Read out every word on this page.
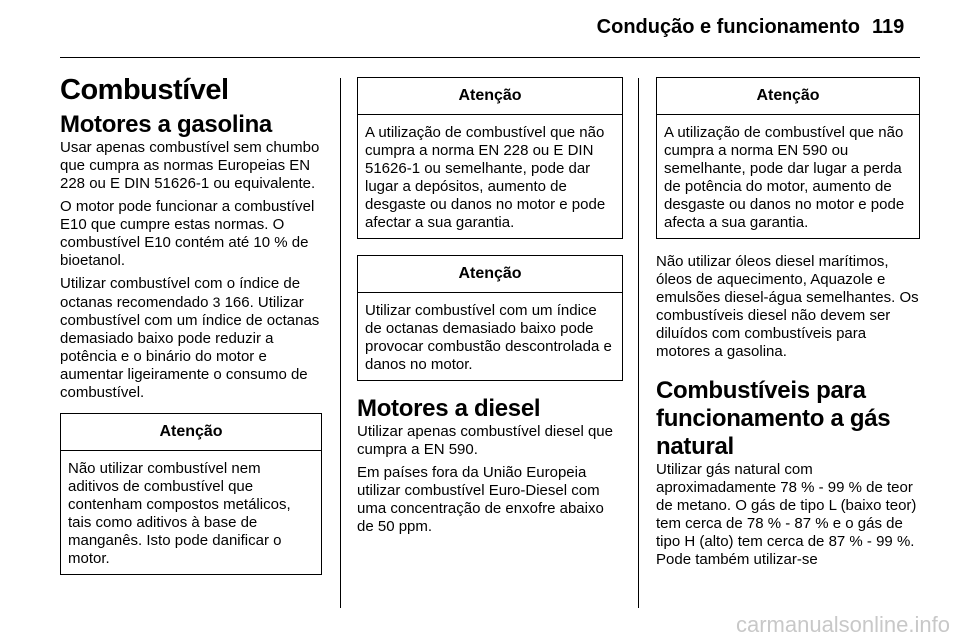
Condução e funcionamento 119
Combustível
Motores a gasolina

Usar apenas combustível sem chumbo que cumpra as normas Europeias EN 228 ou E DIN 51626-1 ou equivalente.

O motor pode funcionar a combustível E10 que cumpre estas normas. O combustível E10 contém até 10 % de bioetanol.

Utilizar combustível com o índice de octanas recomendado 3 166. Utilizar combustível com um índice de octanas demasiado baixo pode reduzir a potência e o binário do motor e aumentar ligeiramente o consumo de combustível.

Atenção
Não utilizar combustível nem aditivos de combustível que contenham compostos metálicos, tais como aditivos à base de manganês. Isto pode danificar o motor.
Atenção
A utilização de combustível que não cumpra a norma EN 228 ou E DIN 51626-1 ou semelhante, pode dar lugar a depósitos, aumento de desgaste ou danos no motor e pode afectar a sua garantia.
Atenção
Utilizar combustível com um índice de octanas demasiado baixo pode provocar combustão descontrolada e danos no motor.
Motores a diesel

Utilizar apenas combustível diesel que cumpra a EN 590.

Em países fora da União Europeia utilizar combustível Euro-Diesel com uma concentração de enxofre abaixo de 50 ppm.

Atenção
A utilização de combustível que não cumpra a norma EN 590 ou semelhante, pode dar lugar a perda de potência do motor, aumento de desgaste ou danos no motor e pode afecta a sua garantia.

Não utilizar óleos diesel marítimos, óleos de aquecimento, Aquazole e emulsões diesel-água semelhantes. Os combustíveis diesel não devem ser diluídos com combustíveis para motores a gasolina.

Combustíveis para funcionamento a gás natural

Utilizar gás natural com aproximadamente 78 % - 99 % de teor de metano. O gás de tipo L (baixo teor) tem cerca de 78 % - 87 % e o gás de tipo H (alto) tem cerca de 87 % - 99 %. Pode também utilizar-se

carmanualsonline.info
